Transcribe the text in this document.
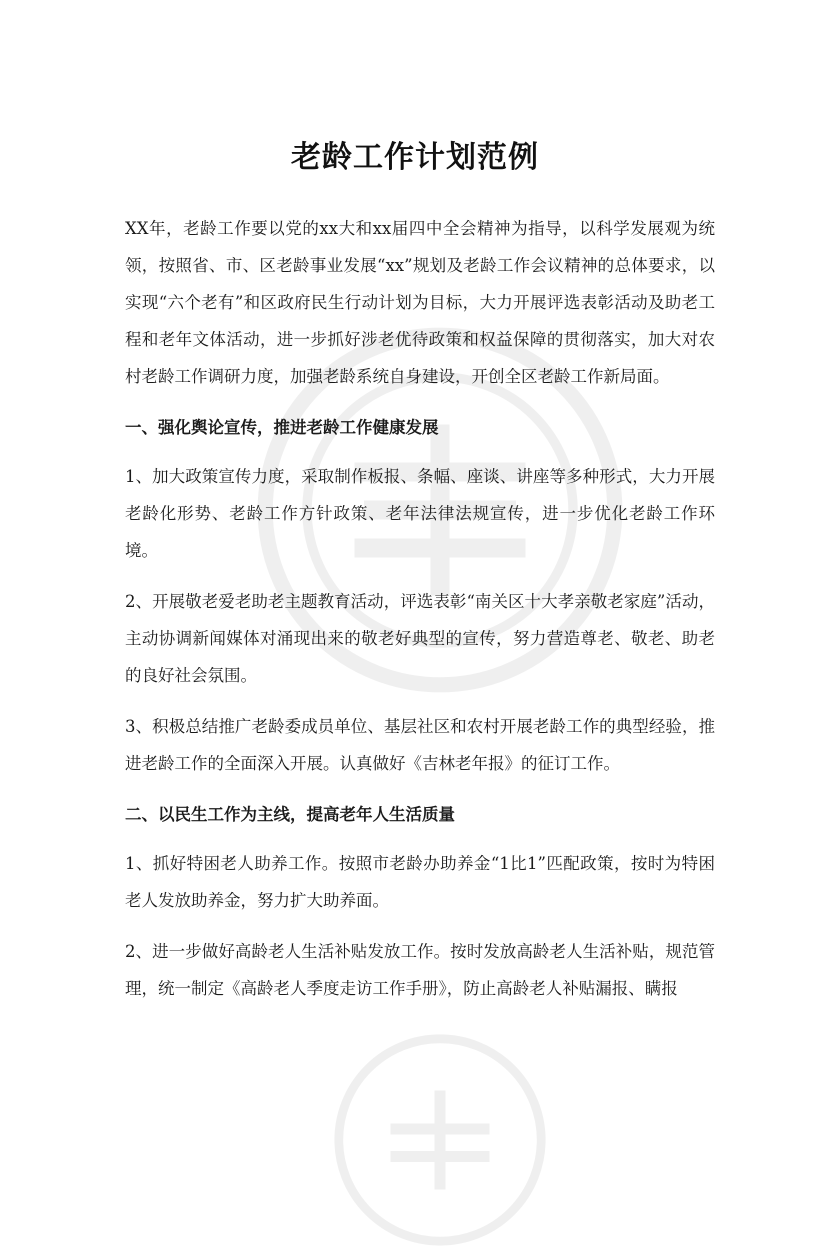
老龄工作计划范例

XX年，老龄工作要以党的xx大和xx届四中全会精神为指导，以科学发展观为统领，按照省、市、区老龄事业发展“xx”规划及老龄工作会议精神的总体要求，以实现“六个老有”和区政府民生行动计划为目标，大力开展评选表彰活动及助老工程和老年文体活动，进一步抓好涉老优待政策和权益保障的贯彻落实，加大对农村老龄工作调研力度，加强老龄系统自身建设，开创全区老龄工作新局面。

一、强化舆论宣传，推进老龄工作健康发展

1、加大政策宣传力度，采取制作板报、条幅、座谈、讲座等多种形式，大力开展老龄化形势、老龄工作方针政策、老年法律法规宣传，进一步优化老龄工作环境。

2、开展敬老爱老助老主题教育活动，评选表彰“南关区十大孝亲敬老家庭”活动，主动协调新闻媒体对涌现出来的敬老好典型的宣传，努力营造尊老、敬老、助老的良好社会氛围。

3、积极总结推广老龄委成员单位、基层社区和农村开展老龄工作的典型经验，推进老龄工作的全面深入开展。认真做好《吉林老年报》的征订工作。

二、以民生工作为主线，提高老年人生活质量

1、抓好特困老人助养工作。按照市老龄办助养金“1比1”匹配政策，按时为特困老人发放助养金，努力扩大助养面。

2、进一步做好高龄老人生活补贴发放工作。按时发放高龄老人生活补贴，规范管理，统一制定《高龄老人季度走访工作手册》，防止高龄老人补贴漏报、瞒报
